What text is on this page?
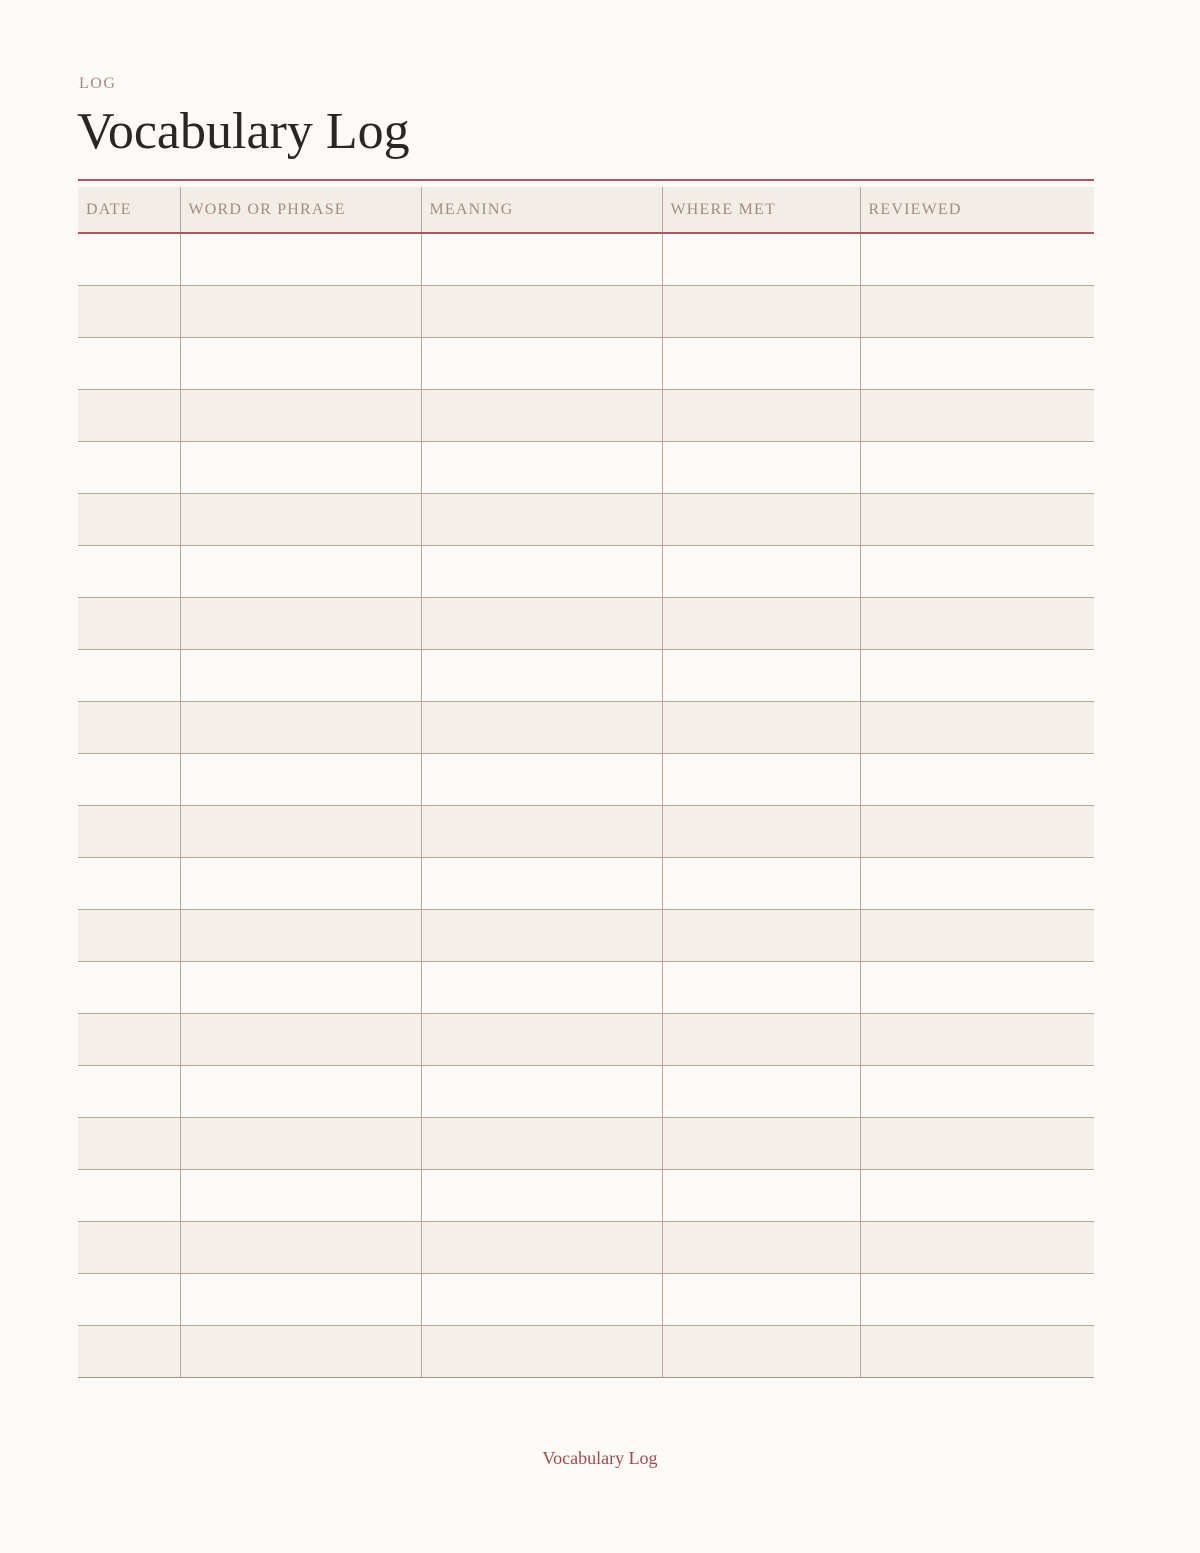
LOG
Vocabulary Log
DATE	WORD OR PHRASE	MEANING	WHERE MET	REVIEWED

Vocabulary Log
